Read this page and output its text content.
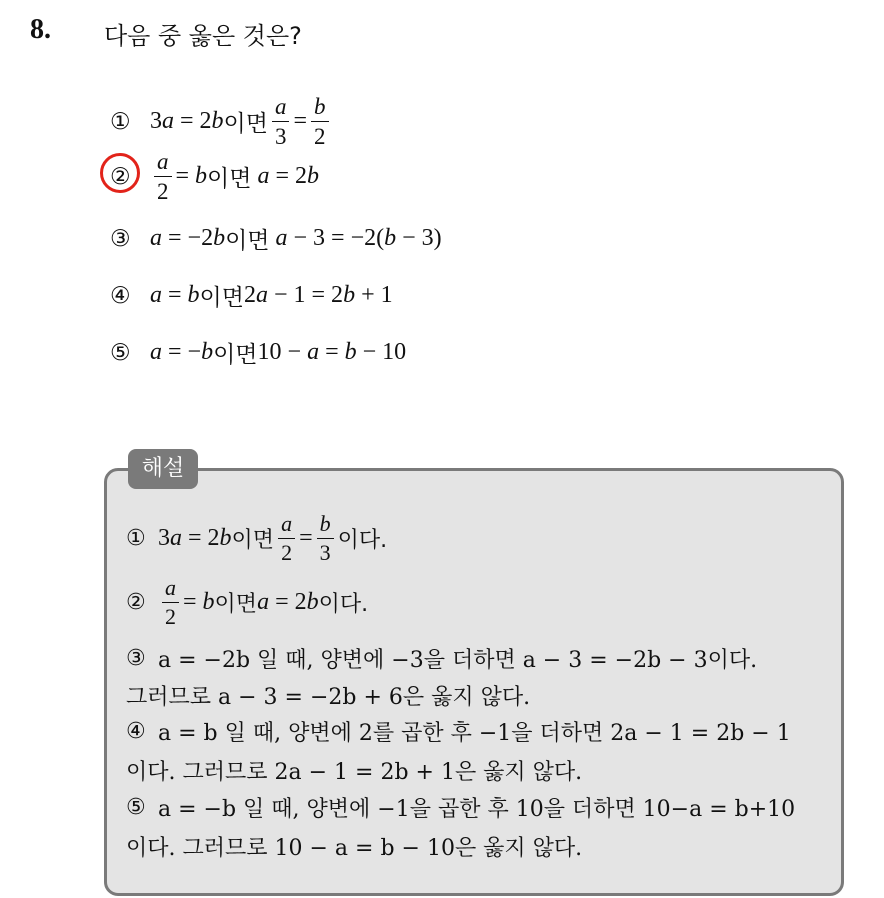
8. 다음 중 옳은 것은?
① 3a = 2b 이면 $\frac{a}{3} = \frac{b}{2}$
② $\frac{a}{2} = b$ 이면 a = 2b
③ a = −2b 이면 a − 3 = −2(b − 3)
④ a = b 이면 2a − 1 = 2b + 1
⑤ a = −b 이면 10 − a = b − 10
해설
① 3a = 2b 이면 $\frac{a}{2} = \frac{b}{3}$ 이다.
② $\frac{a}{2} = b$ 이면 a = 2b 이다.
③ a = −2b 일 때, 양변에 −3을 더하면 a − 3 = −2b − 3이다.
그러므로 a − 3 = −2b + 6은 옳지 않다.
④ a = b 일 때, 양변에 2를 곱한 후 −1을 더하면 2a − 1 = 2b − 1
이다. 그러므로 2a − 1 = 2b + 1은 옳지 않다.
⑤ a = −b 일 때, 양변에 −1을 곱한 후 10을 더하면 10−a = b+10
이다. 그러므로 10 − a = b − 10은 옳지 않다.
